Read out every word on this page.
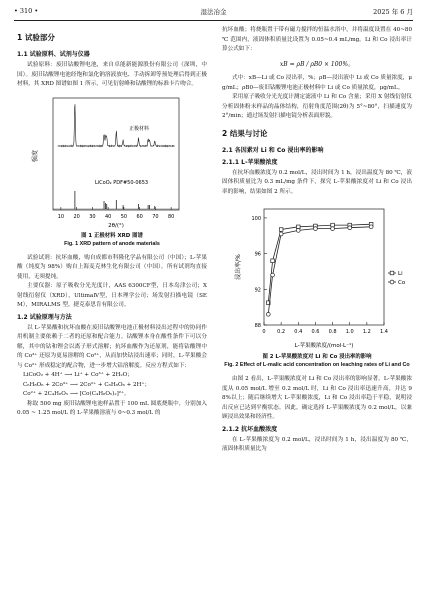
• 310 •	湿法冶金	2025 年 6 月
1 试验部分
1.1 试验原料、试剂与仪器

试验原料：废旧钴酸锂电池，来自卓能新能源股份有限公司（深圳，中国）。废旧钴酸锂电池经饱和氯化钠溶液放电、手动拆卸等预处理后得到正极材料，其 XRD 图谱如图 1 所示，可见衍射峰和钴酸锂的标准卡片吻合。

强度
2θ/(°)
10 20 30 40 50 60 70 80
正极材料
LiCoO₂ PDF#50-0653
图 1 正极材料 XRD 图谱
Fig. 1 XRD pattern of anode materials

试验试剂：抗坏血酸，购自成都市科隆化学品有限公司（中国）；L-苹果酸（纯度为 98%）购自上海麦克林生化有限公司（中国）。所有试剂均直接使用，无须提纯。

主要仪器：原子吸收分光光度计，AAS 6300CF型，日本岛津公司；X 射线衍射仪（XRD），UltimaⅣ型，日本理学公司；场发射扫描电镜（SEM），MIRALMS 型，捷克泰思肯有限公司。

1.2 试验原理与方法

以 L-苹果酸和抗坏血酸在废旧钴酸锂电池正极材料浸出过程中的协同作用机制主要依赖于二者的还原和配合能力。钴酸锂本身在酸性条件下可以分解，其中的钴和锂会以离子形式溶解；抗坏血酸作为还原剂，能将钴酸锂中的 Co³⁺ 还原为更易溶解的 Co²⁺，从而加快钴浸出速率；同时，L-苹果酸会与 Co²⁺ 形成稳定的配合物，进一步增大钴溶解度。反应方程式如下：

LiCoO₂ + 4H⁺ ⟶ Li⁺ + Co³⁺ + 2H₂O；

C₆H₈O₆ + 2Co³⁺ ⟶ 2Co²⁺ + C₆H₆O₆ + 2H⁺；

Co²⁺ + 2C₄H₆O₅ ⟶ [Co(C₄H₆O₅)₂]²⁺。

称取 500 mg 废旧钴酸锂电池样品置于 100 mL 圆底烧瓶中，分别加入 0.05 ~ 1.25 mol/L 的 L-苹果酸溶液与 0~0.3 mol/L 的

抗坏血酸；将烧瓶置于带有磁力搅拌的恒温水浴中，并将温度设置在 40~80 ℃ 范围内，液固体积质量比设置为 0.05~0.4 mL/mg。Li 和 Co 浸出率计算公式如下：

xB = ρB / ρB0 × 100%。

式中：xB—Li 或 Co 浸出率，%；ρB—浸出液中 Li 或 Co 质量浓度，μg/mL；ρB0—废旧钴酸锂电池正极材料中 Li 或 Co 质量浓度，μg/mL。

采用原子吸收分光光度计测定滤液中 Li 和 Co 含量；采用 X 射线衍射仪分析固体粉末样品的晶体结构，衍射角度范围(2θ)为 5°~80°，扫描速度为 2°/min；通过场发射扫描电镜分析表面形貌。

2 结果与讨论
2.1 各因素对 Li 和 Co 浸出率的影响
2.1.1 L-苹果酸浓度

在抗坏血酸浓度为 0.2 mol/L，浸出时间为 1 h，浸出温度为 80 ℃，液固体积质量比为 0.3 mL/mg 条件下，探究 L-苹果酸浓度对 Li 和 Co 浸出率的影响，结果如图 2 所示。

浸出率/%
L-苹果酸浓度/(mol·L⁻¹)
0 0.2 0.4 0.6 0.8 1.0 1.2 1.4
88
92
96
100
Li
Co
图 2 L-苹果酸浓度对 Li 和 Co 浸出率的影响
Fig. 2 Effect of L-malic acid concentration on leaching rates of Li and Co

由图 2 看出，L-苹果酸浓度对 Li 和 Co 浸出率的影响显著。L-苹果酸浓度从 0.05 mol/L 增至 0.2 mol/L 时，Li 和 Co 浸出率迅速升高，并达 98%以上；随后继续增大 L-苹果酸浓度，Li 和 Co 浸出率趋于平稳，说明浸出反应已达到平衡状态。因此，确定选择 L-苹果酸浓度为 0.2 mol/L，以兼顾浸出效果和经济性。

2.1.2 抗坏血酸浓度

在 L-苹果酸浓度为 0.2 mol/L，浸出时间为 1 h，浸出温度为 80 ℃，液固体积质量比为
